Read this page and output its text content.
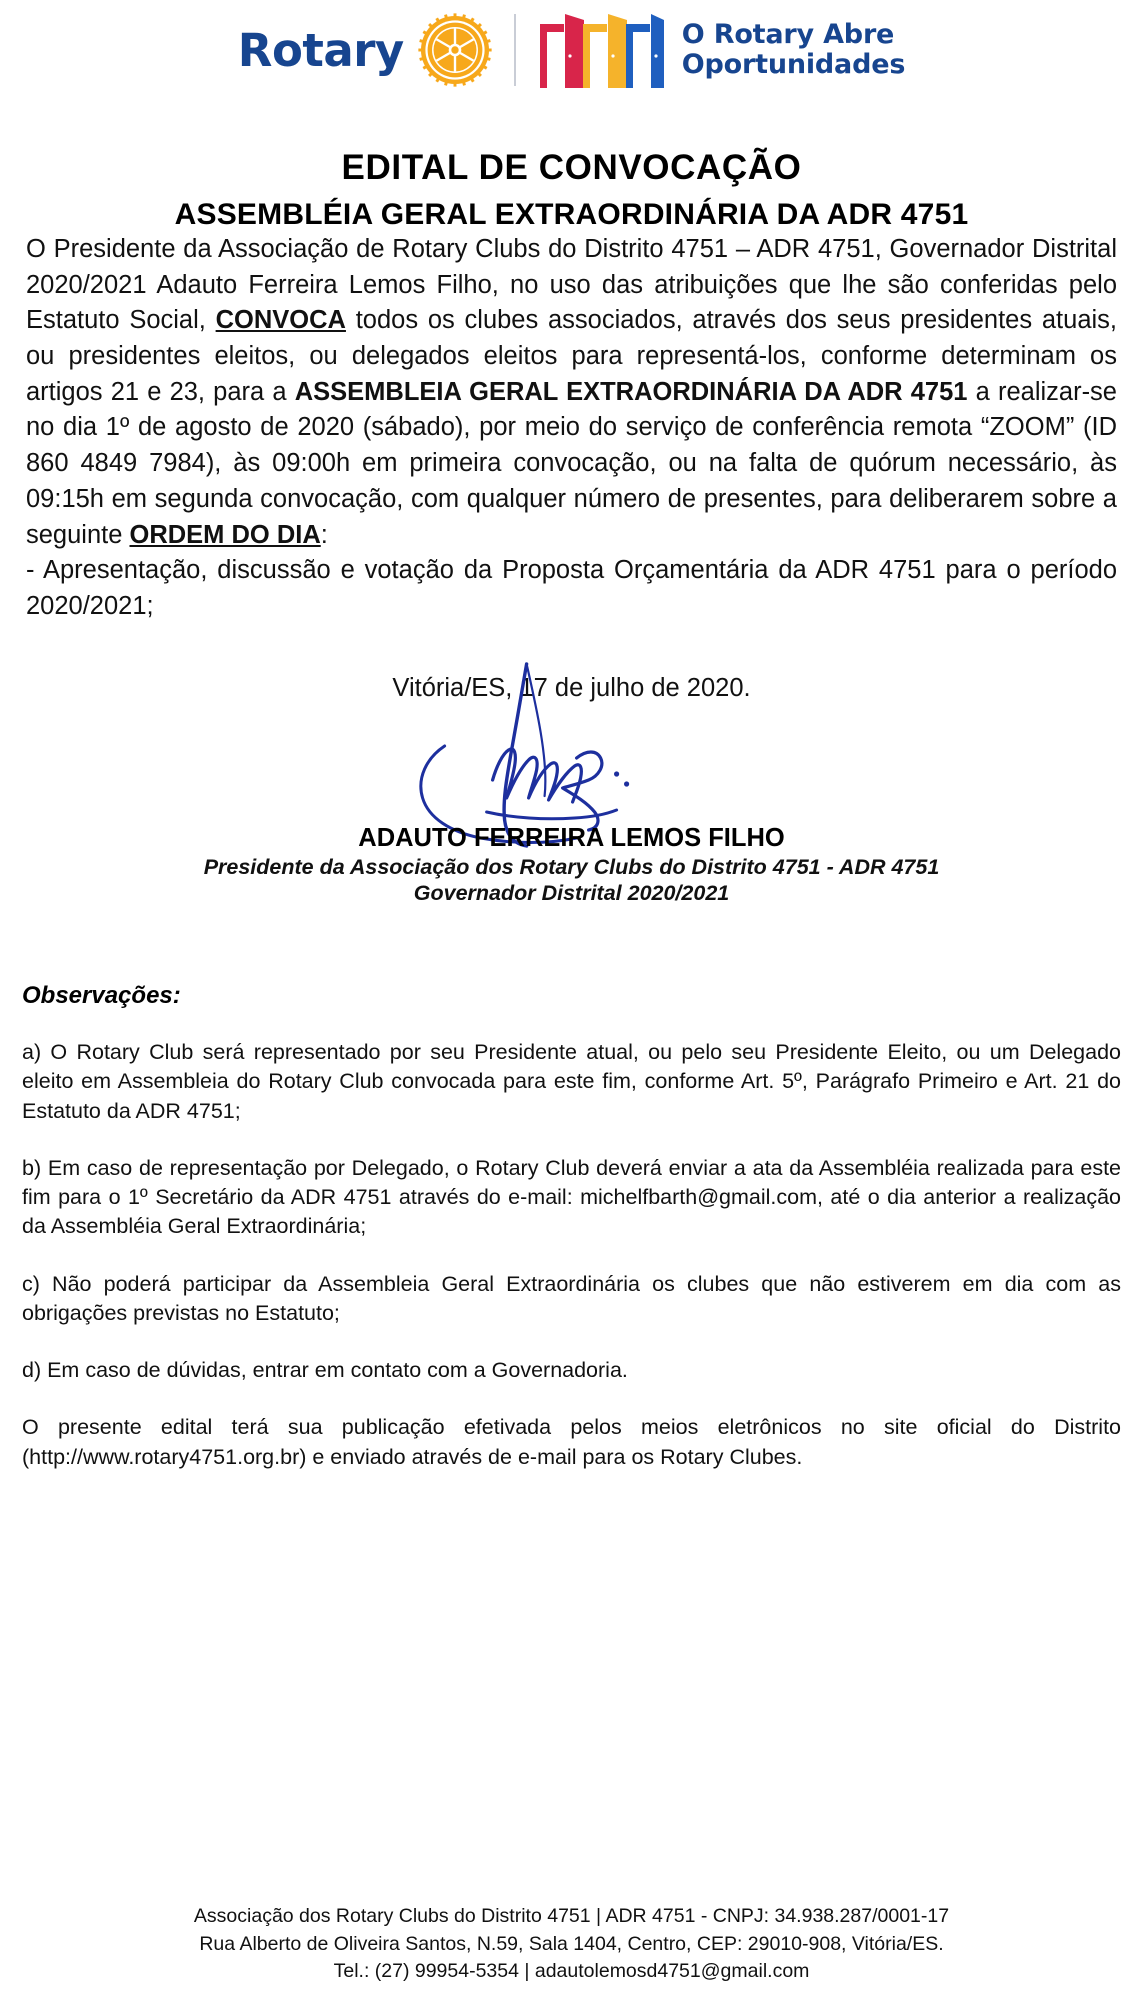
Rotary	O Rotary Abre
Oportunidades
EDITAL DE CONVOCAÇÃO
ASSEMBLÉIA GERAL EXTRAORDINÁRIA DA ADR 4751

O Presidente da Associação de Rotary Clubs do Distrito 4751 – ADR 4751, Governador Distrital 2020/2021 Adauto Ferreira Lemos Filho, no uso das atribuições que lhe são conferidas pelo Estatuto Social, CONVOCA todos os clubes associados, através dos seus presidentes atuais, ou presidentes eleitos, ou delegados eleitos para representá-los, conforme determinam os artigos 21 e 23, para a ASSEMBLEIA GERAL EXTRAORDINÁRIA DA ADR 4751 a realizar-se no dia 1º de agosto de 2020 (sábado), por meio do serviço de conferência remota “ZOOM” (ID 860 4849 7984), às 09:00h em primeira convocação, ou na falta de quórum necessário, às 09:15h em segunda convocação, com qualquer número de presentes, para deliberarem sobre a seguinte ORDEM DO DIA:

- Apresentação, discussão e votação da Proposta Orçamentária da ADR 4751 para o período 2020/2021;

Vitória/ES, 17 de julho de 2020.

ADAUTO FERREIRA LEMOS FILHO

Presidente da Associação dos Rotary Clubs do Distrito 4751 - ADR 4751

Governador Distrital 2020/2021

Observações:

a) O Rotary Club será representado por seu Presidente atual, ou pelo seu Presidente Eleito, ou um Delegado eleito em Assembleia do Rotary Club convocada para este fim, conforme Art. 5º, Parágrafo Primeiro e Art. 21 do Estatuto da ADR 4751;

b) Em caso de representação por Delegado, o Rotary Club deverá enviar a ata da Assembléia realizada para este fim para o 1º Secretário da ADR 4751 através do e-mail: michelfbarth@gmail.com, até o dia anterior a realização da Assembléia Geral Extraordinária;

c) Não poderá participar da Assembleia Geral Extraordinária os clubes que não estiverem em dia com as obrigações previstas no Estatuto;

d) Em caso de dúvidas, entrar em contato com a Governadoria.

O presente edital terá sua publicação efetivada pelos meios eletrônicos no site oficial do Distrito (http://www.rotary4751.org.br) e enviado através de e-mail para os Rotary Clubes.

Associação dos Rotary Clubs do Distrito 4751 | ADR 4751 - CNPJ: 34.938.287/0001-17
Rua Alberto de Oliveira Santos, N.59, Sala 1404, Centro, CEP: 29010-908, Vitória/ES.
Tel.: (27) 99954-5354 | adautolemosd4751@gmail.com
